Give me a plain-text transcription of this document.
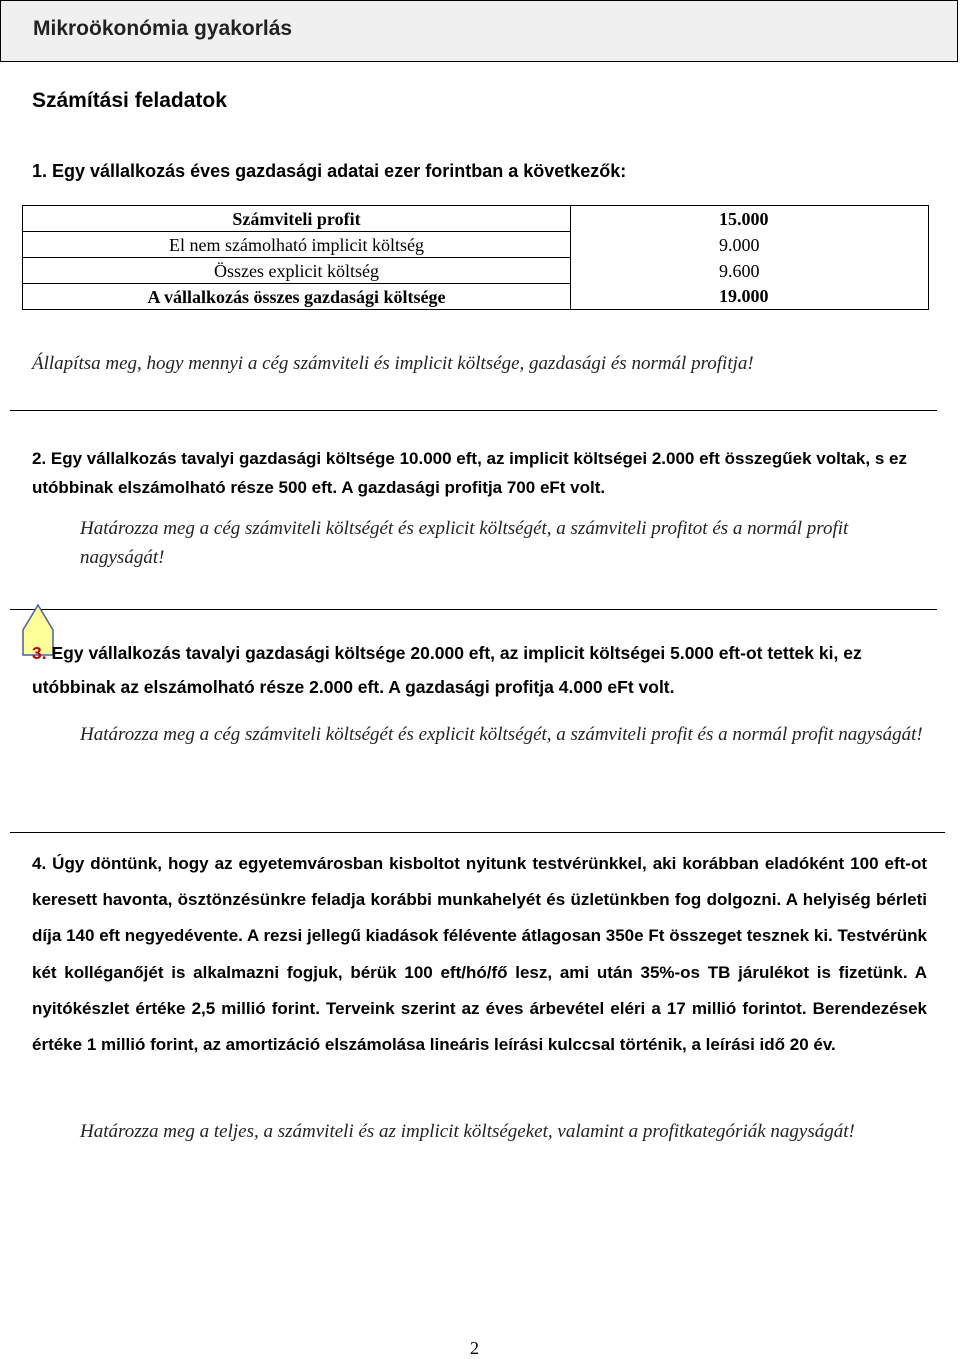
Mikroökonómia gyakorlás
Számítási feladatok
1. Egy vállalkozás éves gazdasági adatai ezer forintban a következők:
Számviteli profit	15.000
El nem számolható implicit költség	9.000
Összes explicit költség	9.600
A vállalkozás összes gazdasági költsége	19.000
Állapítsa meg, hogy mennyi a cég számviteli és implicit költsége, gazdasági és normál profitja!
2. Egy vállalkozás tavalyi gazdasági költsége 10.000 eft, az implicit költségei 2.000 eft összegűek voltak, s ez utóbbinak elszámolható része 500 eft. A gazdasági profitja 700 eFt volt.
Határozza meg a cég számviteli költségét és explicit költségét, a számviteli profitot és a normál profit nagyságát!
3. Egy vállalkozás tavalyi gazdasági költsége 20.000 eft, az implicit költségei 5.000 eft-ot tettek ki, ez utóbbinak az elszámolható része 2.000 eft. A gazdasági profitja 4.000 eFt volt.
Határozza meg a cég számviteli költségét és explicit költségét, a számviteli profit és a normál profit nagyságát!
4. Úgy döntünk, hogy az egyetemvárosban kisboltot nyitunk testvérünkkel, aki korábban eladóként 100 eft-ot keresett havonta, ösztönzésünkre feladja korábbi munkahelyét és üzletünkben fog dolgozni. A helyiség bérleti díja 140 eft negyedévente. A rezsi jellegű kiadások félévente átlagosan 350e Ft összeget tesznek ki. Testvérünk két kolléganőjét is alkalmazni fogjuk, bérük 100 eft/hó/fő lesz, ami után 35%-os TB járulékot is fizetünk. A nyitókészlet értéke 2,5 millió forint. Terveink szerint az éves árbevétel eléri a 17 millió forintot. Berendezések értéke 1 millió forint, az amortizáció elszámolása lineáris leírási kulccsal történik, a leírási idő 20 év.
Határozza meg a teljes, a számviteli és az implicit költségeket, valamint a profitkategóriák nagyságát!
2
